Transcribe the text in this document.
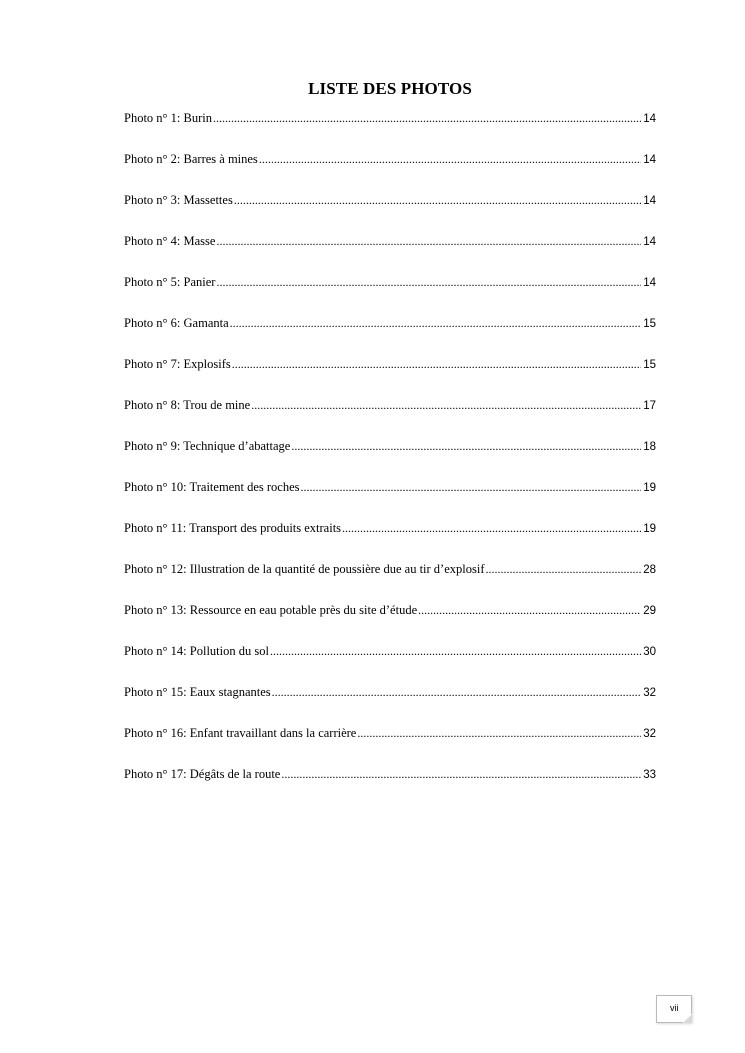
LISTE DES PHOTOS
Photo n° 1: Burin .....	14
Photo n° 2: Barres à mines .....	14
Photo n° 3: Massettes .....	14
Photo n° 4: Masse .....	14
Photo n° 5: Panier .....	14
Photo n° 6: Gamanta .....	15
Photo n° 7: Explosifs .....	15
Photo n° 8: Trou de mine .....	17
Photo n° 9: Technique d’abattage .....	18
Photo n° 10: Traitement des roches .....	19
Photo n° 11: Transport des produits extraits .....	19
Photo n° 12: Illustration de la quantité de poussière due au tir d’explosif .....	28
Photo n° 13: Ressource en eau potable près du site d’étude .....	29
Photo n° 14: Pollution du sol .....	30
Photo n° 15: Eaux stagnantes .....	32
Photo n° 16: Enfant travaillant dans la carrière .....	32
Photo n° 17: Dégâts de la route .....	33
vii
